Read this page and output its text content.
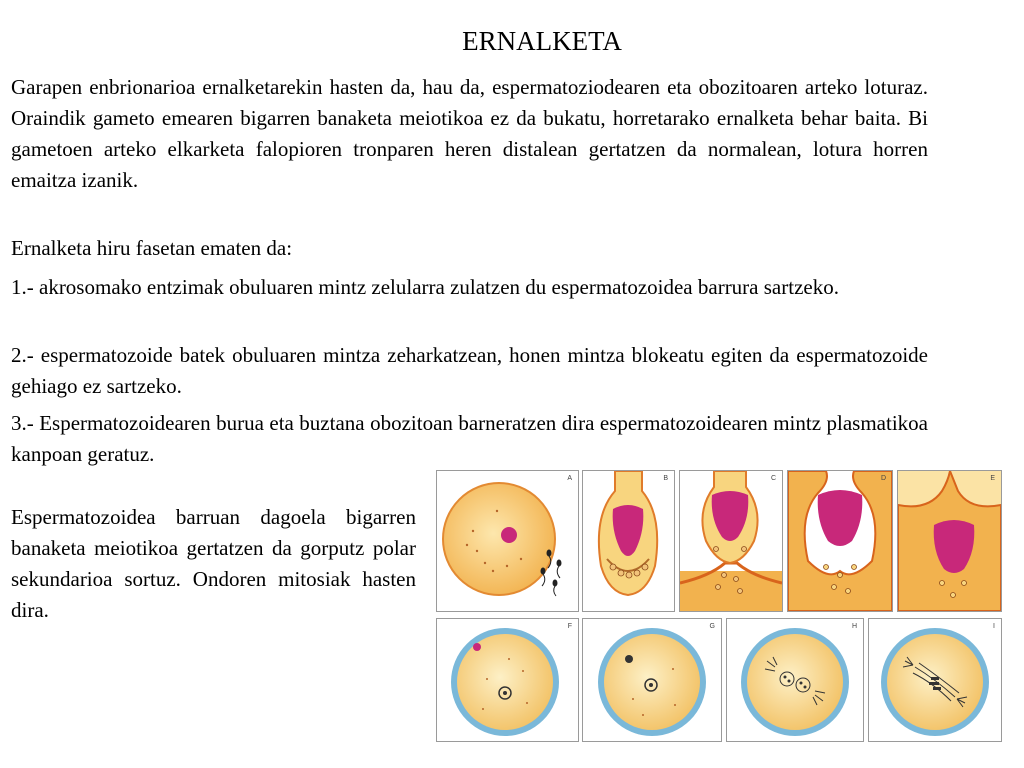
ERNALKETA

Garapen enbrionarioa ernalketarekin hasten da, hau da, espermatoziodearen eta obozitoaren arteko loturaz. Oraindik gameto emearen bigarren banaketa meiotikoa ez da bukatu, horretarako ernalketa behar baita. Bi gametoen arteko elkarketa falopioren tronparen heren distalean gertatzen da normalean, lotura horren emaitza izanik.

Ernalketa hiru fasetan ematen da:

1.- akrosomako entzimak obuluaren mintz zelularra zulatzen du espermatozoidea barrura sartzeko.

2.- espermatozoide batek obuluaren mintza zeharkatzean, honen mintza blokeatu egiten da espermatozoide gehiago ez sartzeko.

3.- Espermatozoidearen burua eta buztana obozitoan barneratzen dira espermatozoidearen mintz plasmatikoa kanpoan geratuz.

Espermatozoidea barruan dagoela bigarren banaketa meiotikoa gertatzen da gorputz polar sekundarioa sortuz. Ondoren mitosiak hasten dira.

A	B	C	D	E
F	G	H	I
